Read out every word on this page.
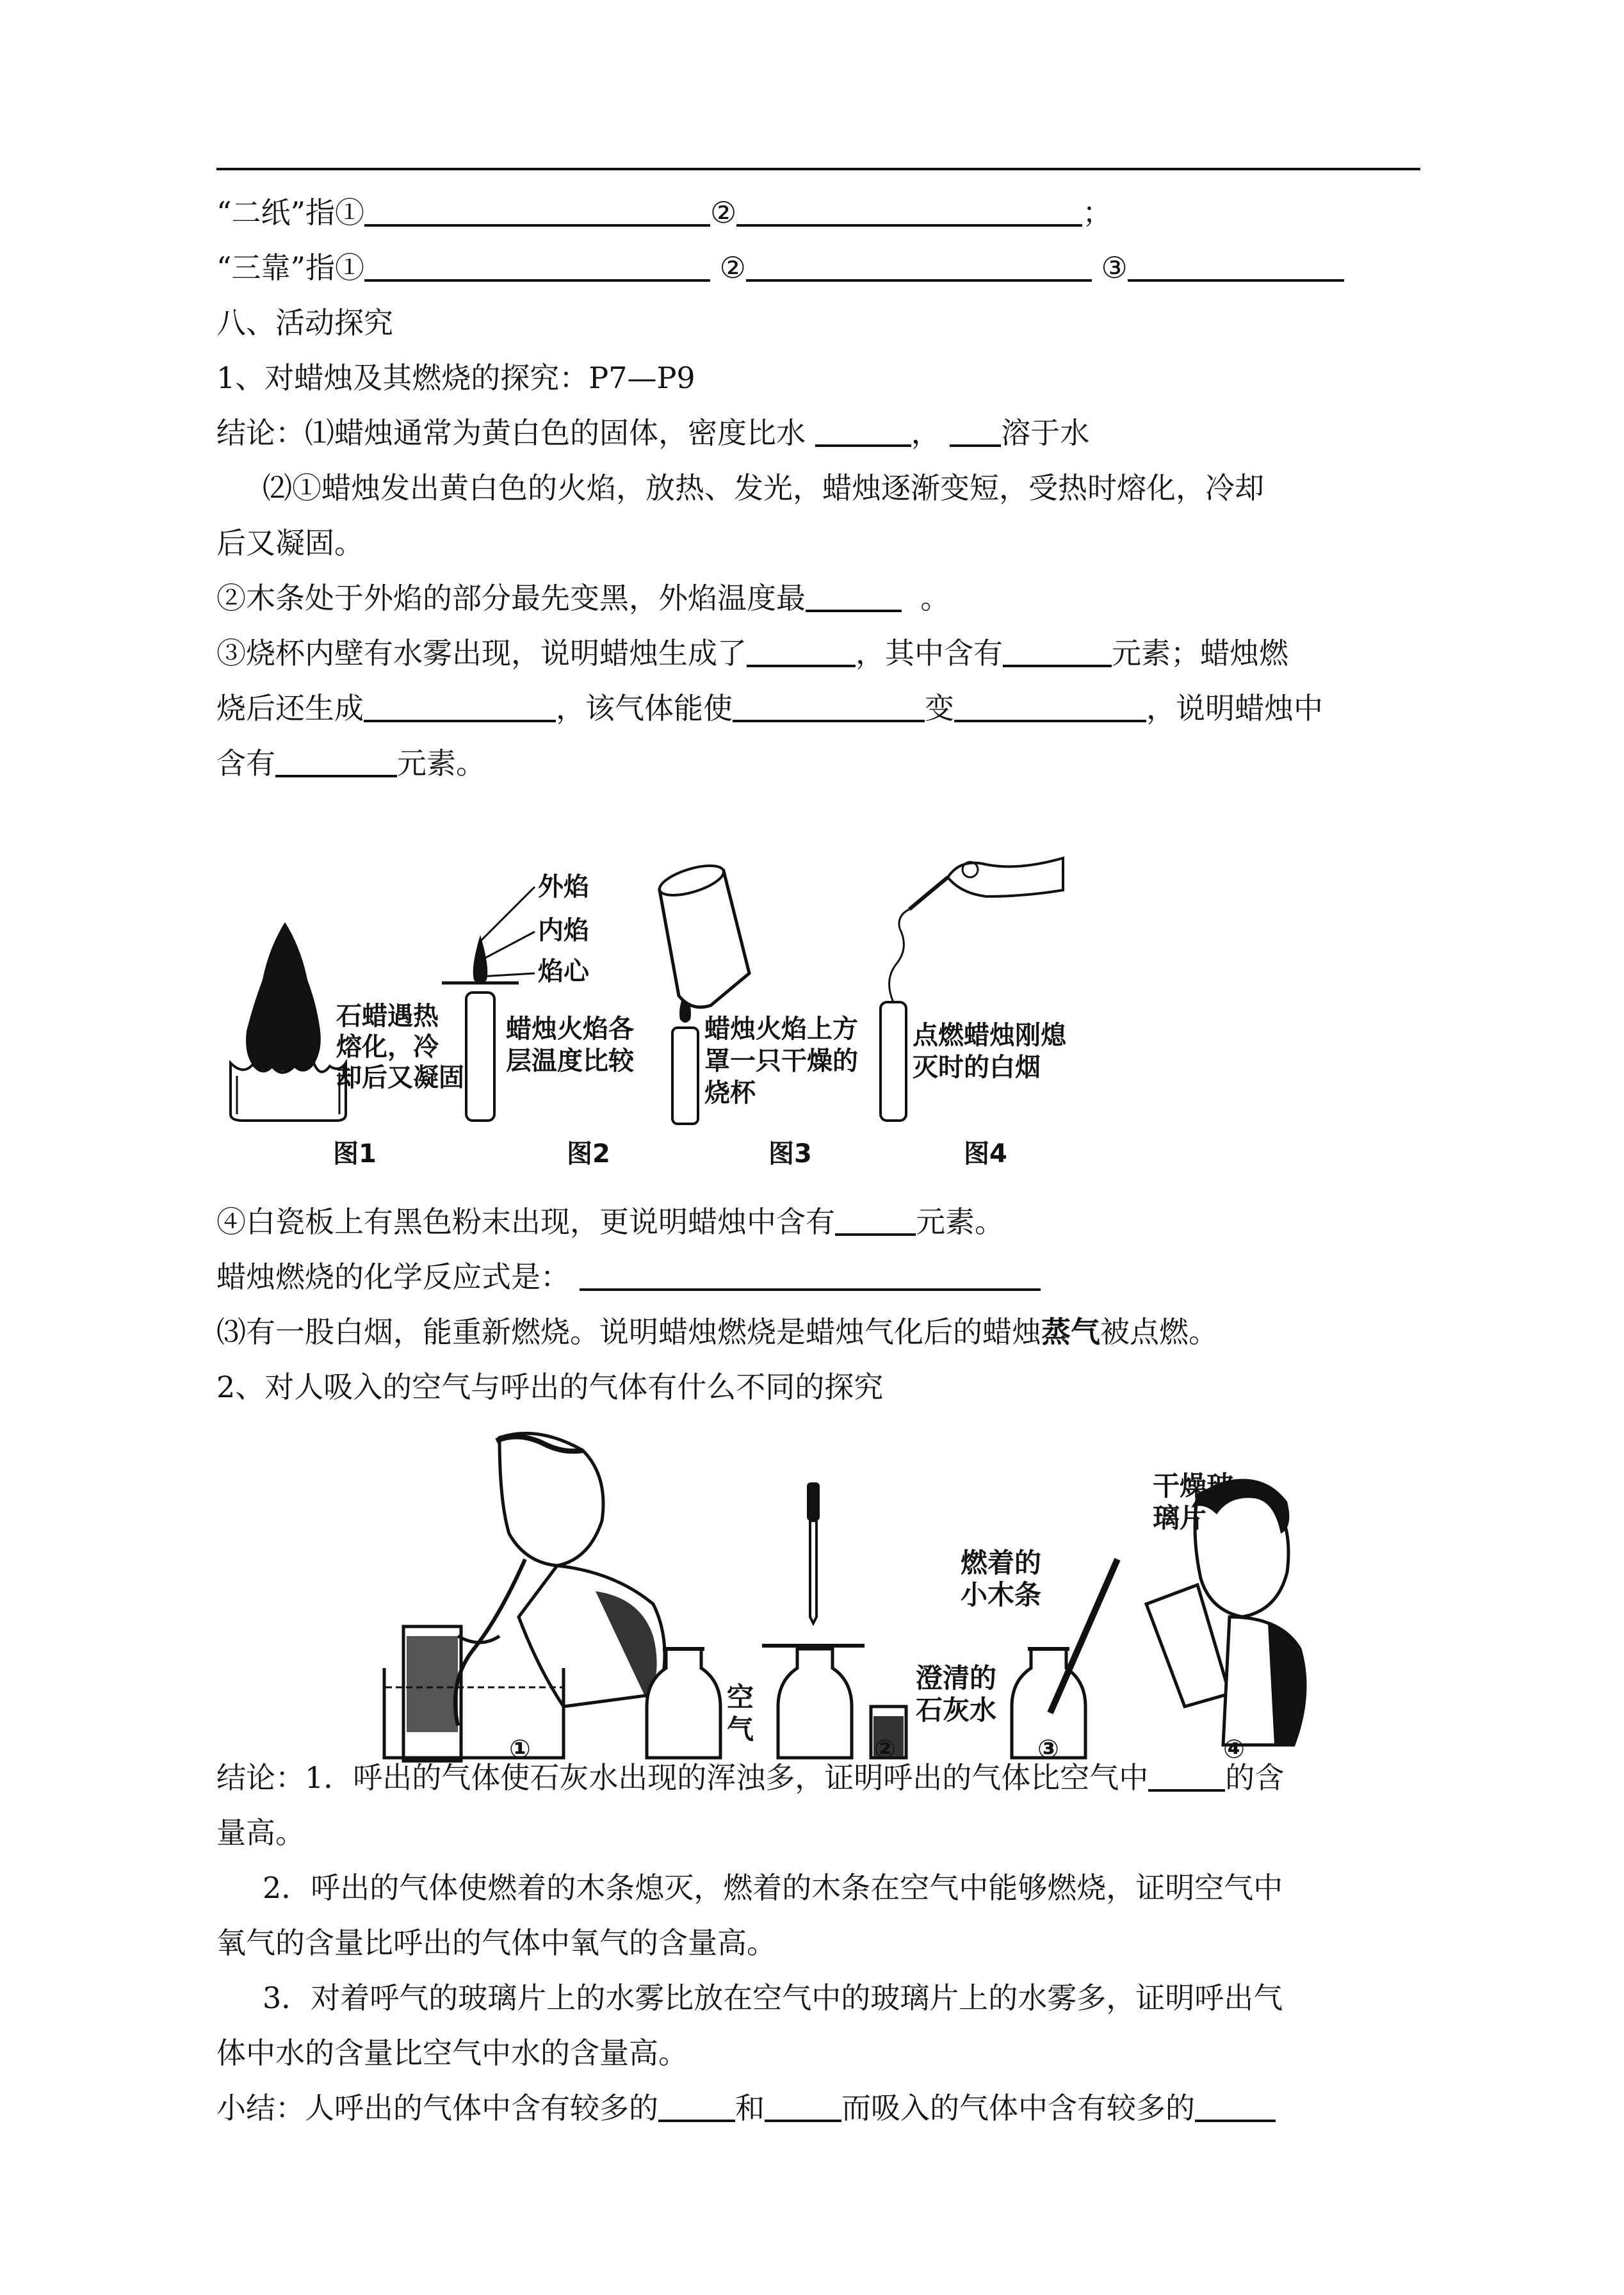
“二纸”指①	②	；
“三靠”指①	②	③
八、活动探究
1、对蜡烛及其燃烧的探究：P7—P9
结论：⑴蜡烛通常为黄白色的固体，密度比水	， 溶于水
⑵①蜡烛发出黄白色的火焰，放热、发光，蜡烛逐渐变短，受热时熔化，冷却
后又凝固。
②木条处于外焰的部分最先变黑，外焰温度最	。
③烧杯内壁有水雾出现，说明蜡烛生成了	，其中含有	元素；蜡烛燃
烧后还生成	，该气体能使	变	，说明蜡烛中
含有	元素。
石蜡遇热
熔化，冷
却后又凝固
图1
外焰
内焰
焰心
蜡烛火焰各
层温度比较
图2
蜡烛火焰上方
罩一只干燥的
烧杯
图3
点燃蜡烛刚熄
灭时的白烟
图4
④白瓷板上有黑色粉末出现，更说明蜡烛中含有	元素。
蜡烛燃烧的化学反应式是：
⑶有一股白烟，能重新燃烧。说明蜡烛燃烧是蜡烛气化后的蜡烛蒸气被点燃。
2、对人吸入的空气与呼出的气体有什么不同的探究
①
空
气
澄清的
石灰水
②
燃着的
小木条
③
干燥玻
璃片
④
结论：1．呼出的气体使石灰水出现的浑浊多，证明呼出的气体比空气中	的含
量高。
2．呼出的气体使燃着的木条熄灭，燃着的木条在空气中能够燃烧，证明空气中
氧气的含量比呼出的气体中氧气的含量高。
3．对着呼气的玻璃片上的水雾比放在空气中的玻璃片上的水雾多，证明呼出气
体中水的含量比空气中水的含量高。
小结：人呼出的气体中含有较多的	和	而吸入的气体中含有较多的
